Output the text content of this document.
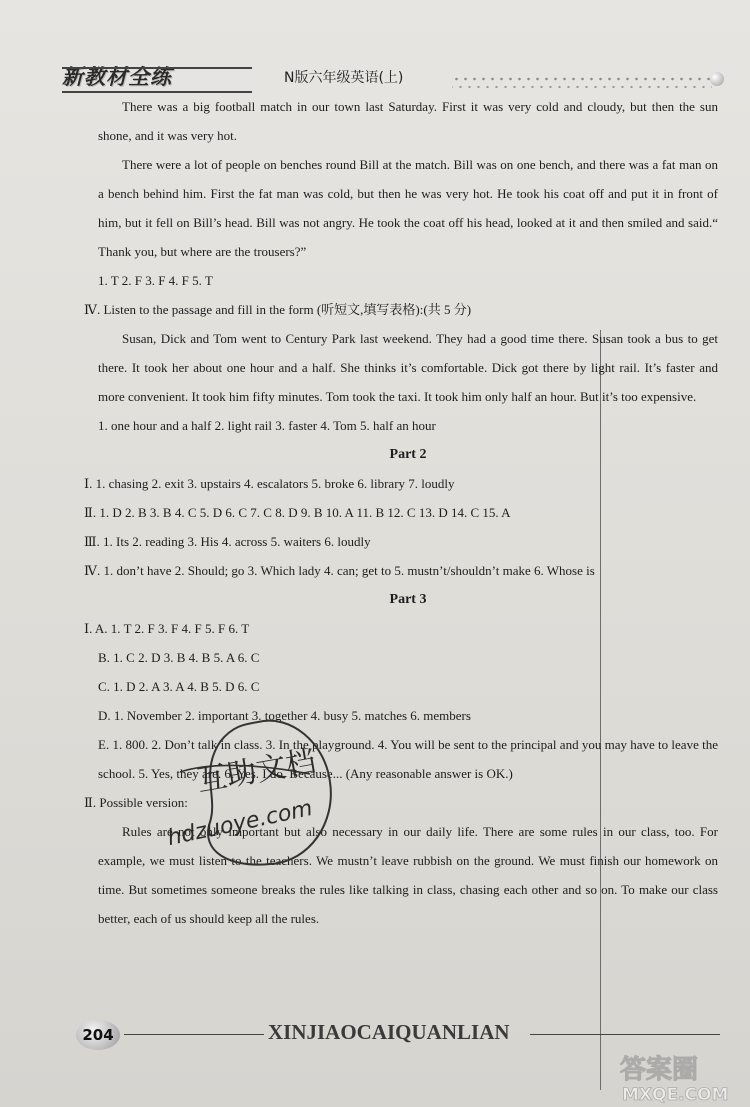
新教材全练	N版六年级英语(上)

There was a big football match in our town last Saturday. First it was very cold and cloudy, but then the sun shone, and it was very hot.

There were a lot of people on benches round Bill at the match. Bill was on one bench, and there was a fat man on a bench behind him. First the fat man was cold, but then he was very hot. He took his coat off and put it in front of him, but it fell on Bill’s head. Bill was not angry. He took the coat off his head, looked at it and then smiled and said.“ Thank you, but where are the trousers?”

1. T 2. F 3. F 4. F 5. T

Ⅳ. Listen to the passage and fill in the form (听短文,填写表格):(共 5 分)

Susan, Dick and Tom went to Century Park last weekend. They had a good time there. Susan took a bus to get there. It took her about one hour and a half. She thinks it’s comfortable. Dick got there by light rail. It’s faster and more convenient. It took him fifty minutes. Tom took the taxi. It took him only half an hour. But it’s too expensive.

1. one hour and a half 2. light rail 3. faster 4. Tom 5. half an hour

Part 2

Ⅰ. 1. chasing 2. exit 3. upstairs 4. escalators 5. broke 6. library 7. loudly

Ⅱ. 1. D 2. B 3. B 4. C 5. D 6. C 7. C 8. D 9. B 10. A 11. B 12. C 13. D 14. C 15. A

Ⅲ. 1. Its 2. reading 3. His 4. across 5. waiters 6. loudly

Ⅳ. 1. don’t have 2. Should; go 3. Which lady 4. can; get to 5. mustn’t/shouldn’t make 6. Whose is

Part 3

Ⅰ. A. 1. T 2. F 3. F 4. F 5. F 6. T

B. 1. C 2. D 3. B 4. B 5. A 6. C

C. 1. D 2. A 3. A 4. B 5. D 6. C

D. 1. November 2. important 3. together 4. busy 5. matches 6. members

E. 1. 800. 2. Don’t talk in class. 3. In the playground. 4. You will be sent to the principal and you may have to leave the school. 5. Yes, they are. 6. Yes. I do. Because... (Any reasonable answer is OK.)

Ⅱ. Possible version:

Rules are not only important but also necessary in our daily life. There are some rules in our class, too. For example, we must listen to the teachers. We mustn’t leave rubbish on the ground. We must finish our homework on time. But sometimes someone breaks the rules like talking in class, chasing each other and so on. To make our class better, each of us should keep all the rules.

互助文档
hdzuoye.com
204	XINJIAOCAIQUANLIAN
答案圈
MXQE.COM
